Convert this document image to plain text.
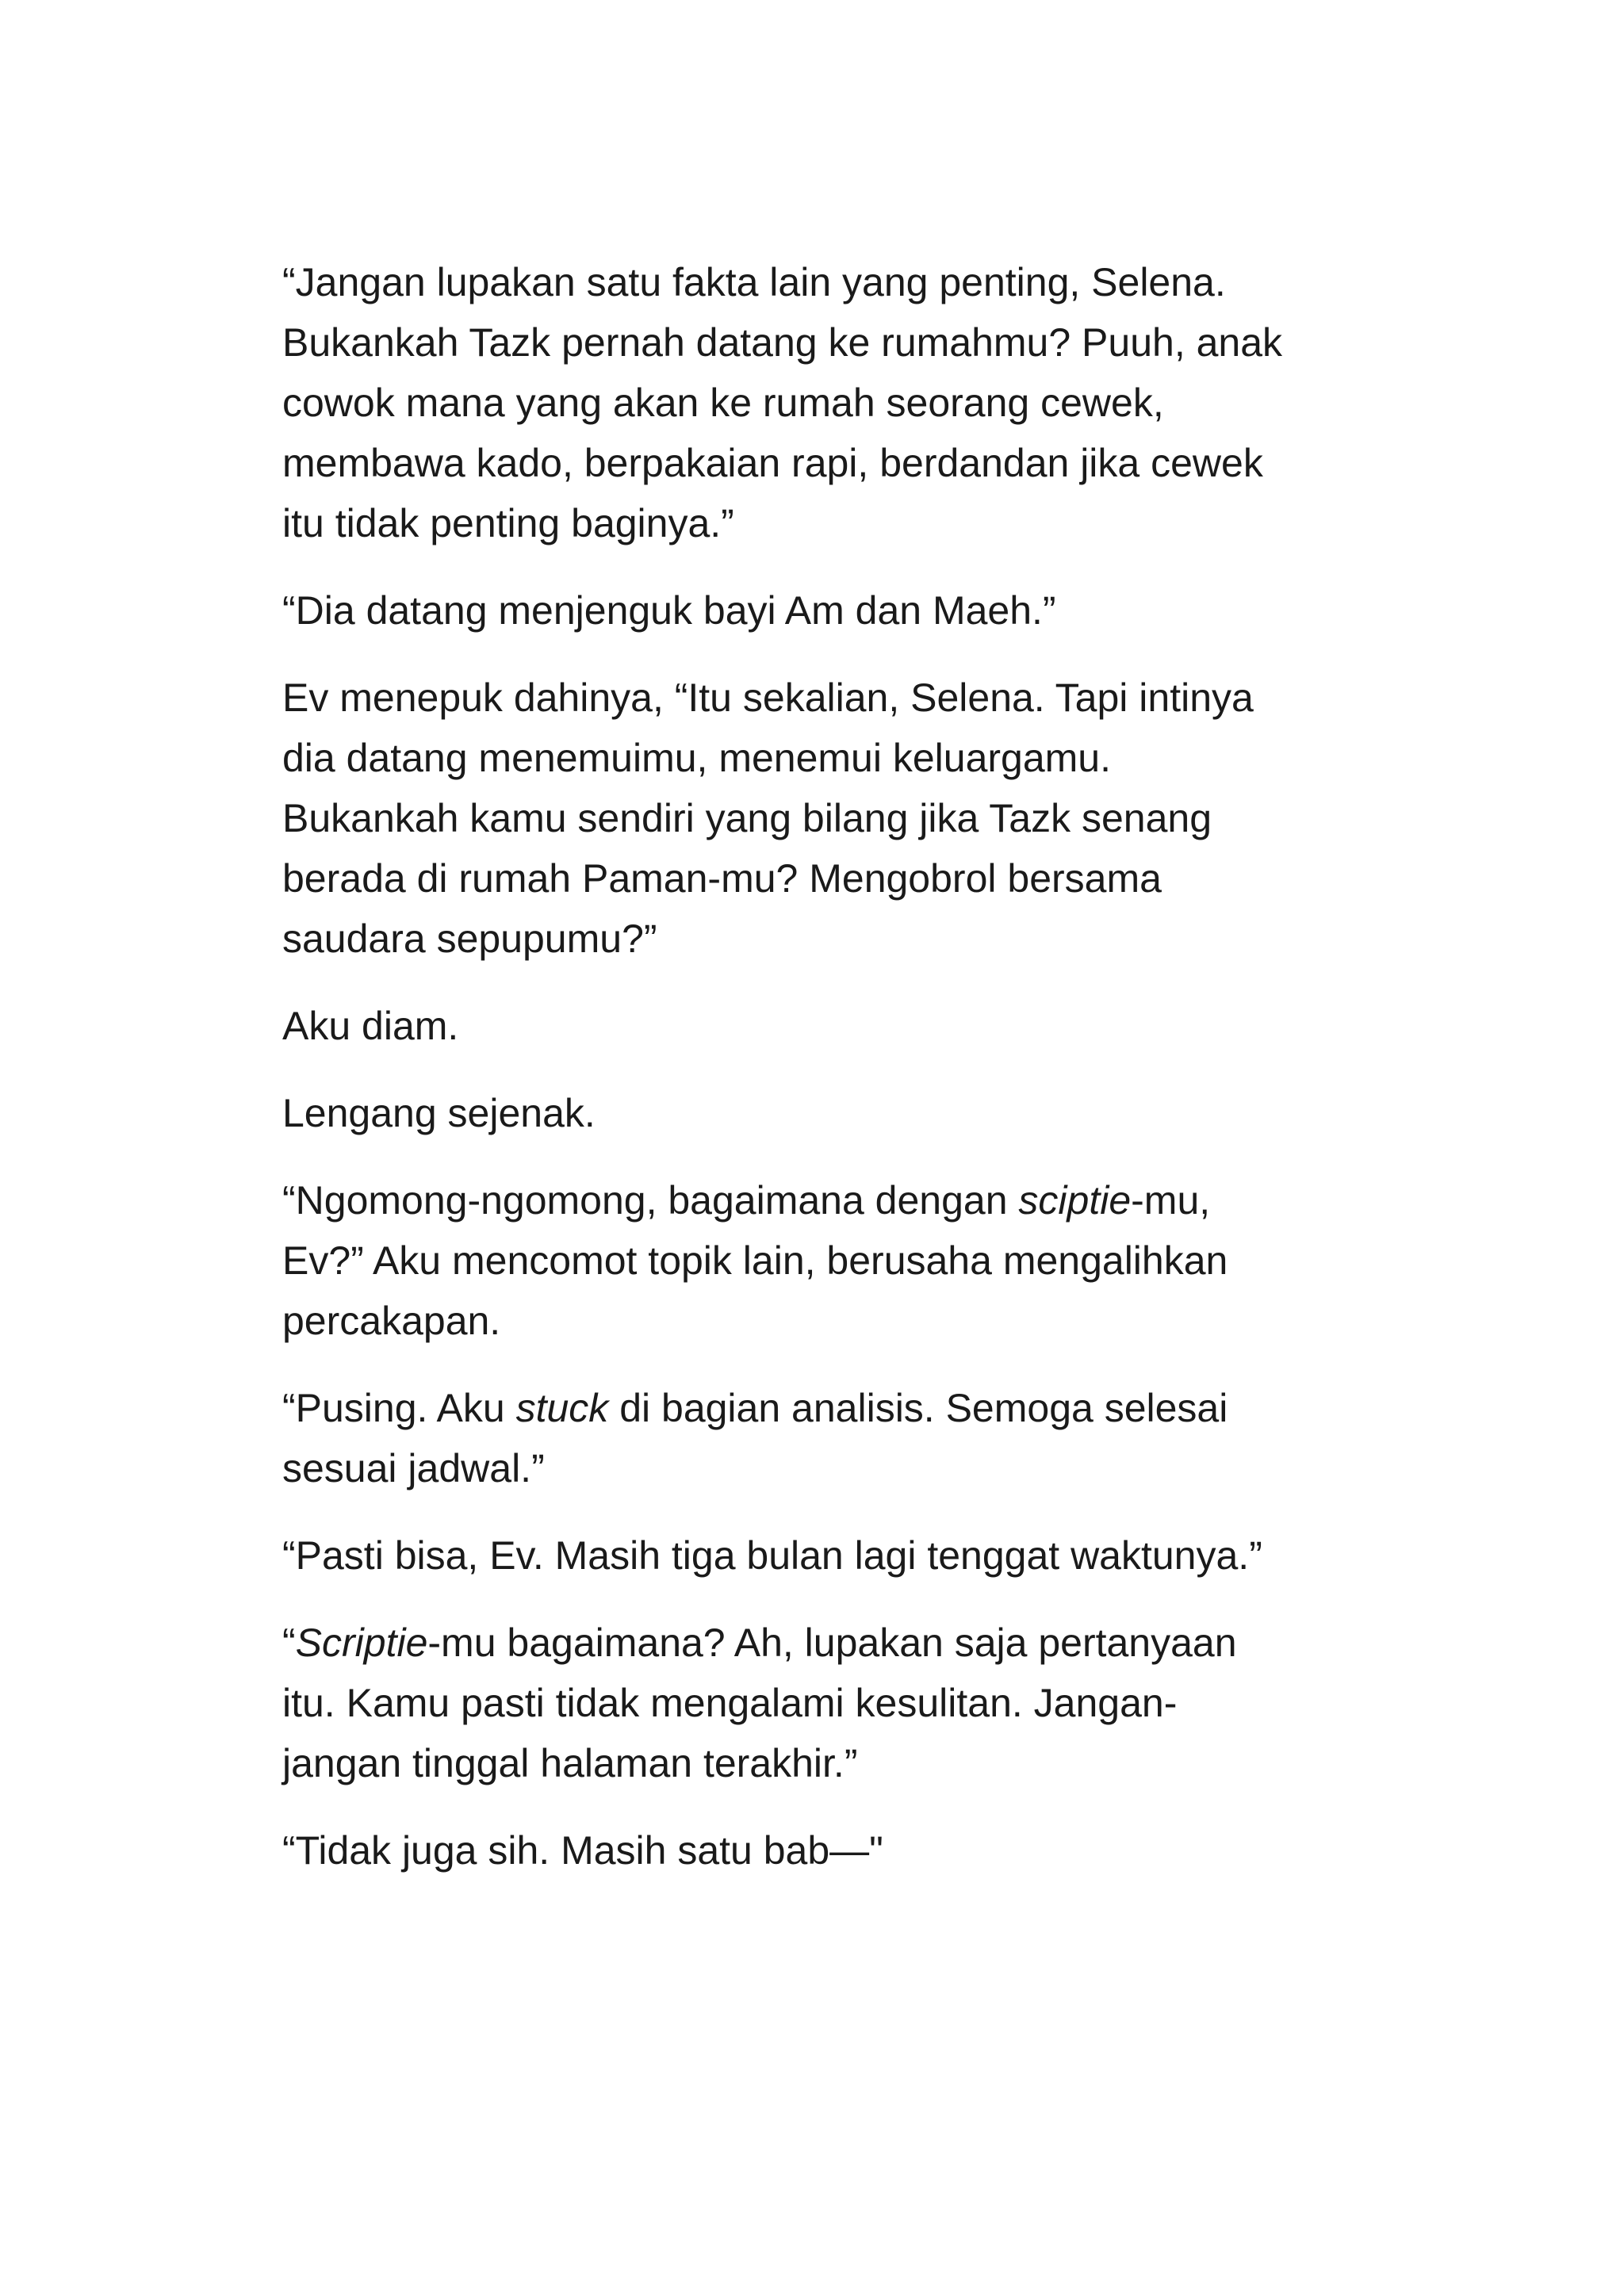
“Jangan lupakan satu fakta lain yang penting, Selena.
Bukankah Tazk pernah datang ke rumahmu? Puuh, anak
cowok mana yang akan ke rumah seorang cewek,
membawa kado, berpakaian rapi, berdandan jika cewek
itu tidak penting baginya.”

“Dia datang menjenguk bayi Am dan Maeh.”

Ev menepuk dahinya, “Itu sekalian, Selena. Tapi intinya
dia datang menemuimu, menemui keluargamu.
Bukankah kamu sendiri yang bilang jika Tazk senang
berada di rumah Paman-mu? Mengobrol bersama
saudara sepupumu?”

Aku diam.

Lengang sejenak.

“Ngomong-ngomong, bagaimana dengan sciptie-mu,
Ev?” Aku mencomot topik lain, berusaha mengalihkan
percakapan.

“Pusing. Aku stuck di bagian analisis. Semoga selesai
sesuai jadwal.”

“Pasti bisa, Ev. Masih tiga bulan lagi tenggat waktunya.”

“Scriptie-mu bagaimana? Ah, lupakan saja pertanyaan
itu. Kamu pasti tidak mengalami kesulitan. Jangan-
jangan tinggal halaman terakhir.”

“Tidak juga sih. Masih satu bab—"
